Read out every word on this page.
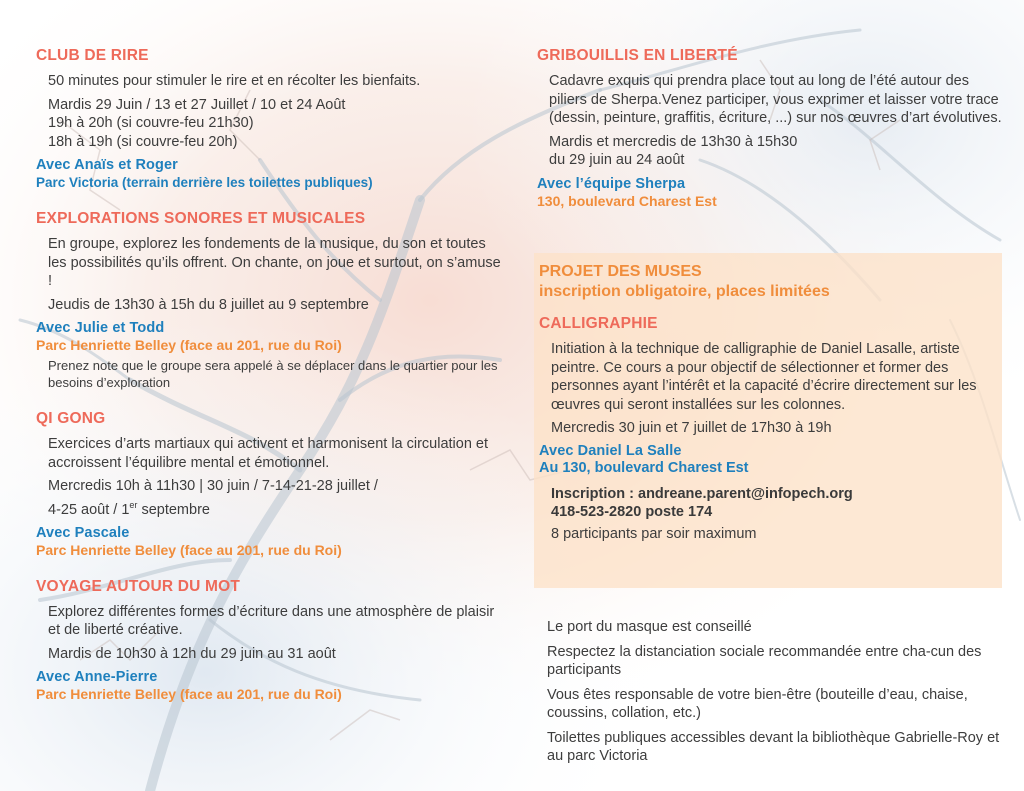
CLUB DE RIRE

50 minutes pour stimuler le rire et en récolter les bienfaits.

Mardis 29 Juin / 13 et 27 Juillet / 10 et 24 Août

19h à 20h (si couvre-feu 21h30)

18h à 19h (si couvre-feu 20h)

Avec Anaïs et Roger
Parc Victoria (terrain derrière les toilettes publiques)
EXPLORATIONS SONORES ET MUSICALES

En groupe, explorez les fondements de la musique, du son et toutes les possibilités qu’ils offrent. On chante, on joue et surtout, on s’amuse !

Jeudis de 13h30 à 15h du 8 juillet au 9 septembre

Avec Julie et Todd
Parc Henriette Belley (face au 201, rue du Roi)

Prenez note que le groupe sera appelé à se déplacer dans le quartier pour les besoins d’exploration

QI GONG

Exercices d’arts martiaux qui activent et harmonisent la circulation et accroissent l’équilibre mental et émotionnel.

Mercredis 10h à 11h30 | 30 juin / 7-14-21-28 juillet /
4-25 août / 1er septembre

Avec Pascale
Parc Henriette Belley (face au 201, rue du Roi)
VOYAGE AUTOUR DU MOT

Explorez différentes formes d’écriture dans une atmosphère de plaisir et de liberté créative.

Mardis de 10h30 à 12h du 29 juin au 31 août

Avec Anne-Pierre
Parc Henriette Belley (face au 201, rue du Roi)
GRIBOUILLIS EN LIBERTÉ

Cadavre exquis qui prendra place tout au long de l’été autour des piliers de Sherpa.Venez participer, vous exprimer et laisser votre trace (dessin, peinture, graffitis, écriture, ...) sur nos œuvres d’art évolutives.

Mardis et mercredis de 13h30 à 15h30

du 29 juin au 24 août

Avec l’équipe Sherpa
130, boulevard Charest Est

PROJET DES MUSES

inscription obligatoire, places limitées

CALLIGRAPHIE

Initiation à la technique de calligraphie de Daniel Lasalle, artiste peintre. Ce cours a pour objectif de sélectionner et former des personnes ayant l’intérêt et la capacité d’écrire directement sur les œuvres qui seront installées sur les colonnes.

Mercredis 30 juin et 7 juillet de 17h30 à 19h

Avec Daniel La Salle
Au 130, boulevard Charest Est

Inscription : andreane.parent@infopech.org

418-523-2820 poste 174

8 participants par soir maximum

Le port du masque est conseillé

Respectez la distanciation sociale recommandée entre cha-cun des participants

Vous êtes responsable de votre bien-être (bouteille d’eau, chaise, coussins, collation, etc.)

Toilettes publiques accessibles devant la bibliothèque Gabrielle-Roy et au parc Victoria
